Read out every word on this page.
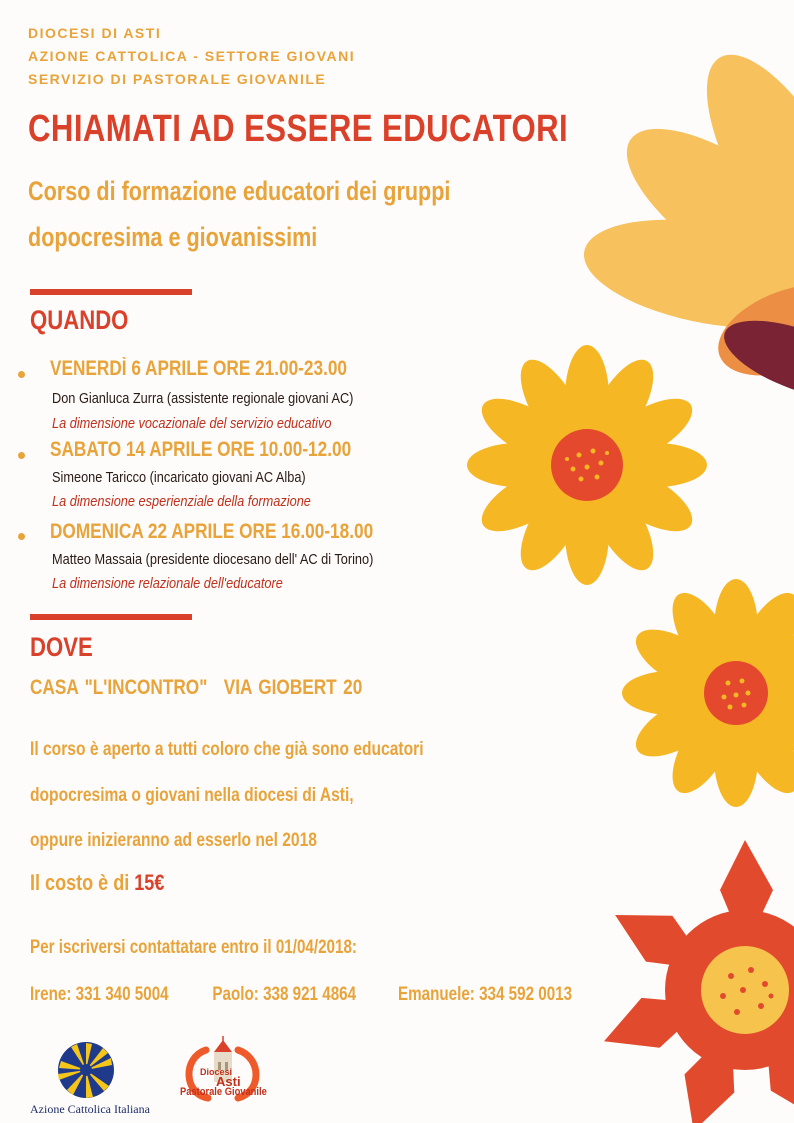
DIOCESI DI ASTI
AZIONE CATTOLICA - SETTORE GIOVANI
SERVIZIO DI PASTORALE GIOVANILE
CHIAMATI AD ESSERE EDUCATORI
Corso di formazione educatori dei gruppi
dopocresima e giovanissimi
QUANDO
VENERDÌ 6 APRILE ORE 21.00-23.00
Don Gianluca Zurra (assistente regionale giovani AC)
La dimensione vocazionale del servizio educativo
SABATO 14 APRILE ORE 10.00-12.00
Simeone Taricco (incaricato giovani AC Alba)
La dimensione esperienziale della formazione
DOMENICA 22 APRILE ORE 16.00-18.00
Matteo Massaia (presidente diocesano dell' AC di Torino)
La dimensione relazionale dell'educatore
DOVE
CASA "L'INCONTRO" VIA GIOBERT 20
Il corso è aperto a tutti coloro che già sono educatori
dopocresima o giovani nella diocesi di Asti,
oppure inizieranno ad esserlo nel 2018
Il costo è di 15€
Per iscriversi contattatare entro il 01/04/2018:
Irene: 331 340 5004 Paolo: 338 921 4864 Emanuele: 334 592 0013
Azione Cattolica Italiana
Diocesi
Asti
Pastorale Giovanile
